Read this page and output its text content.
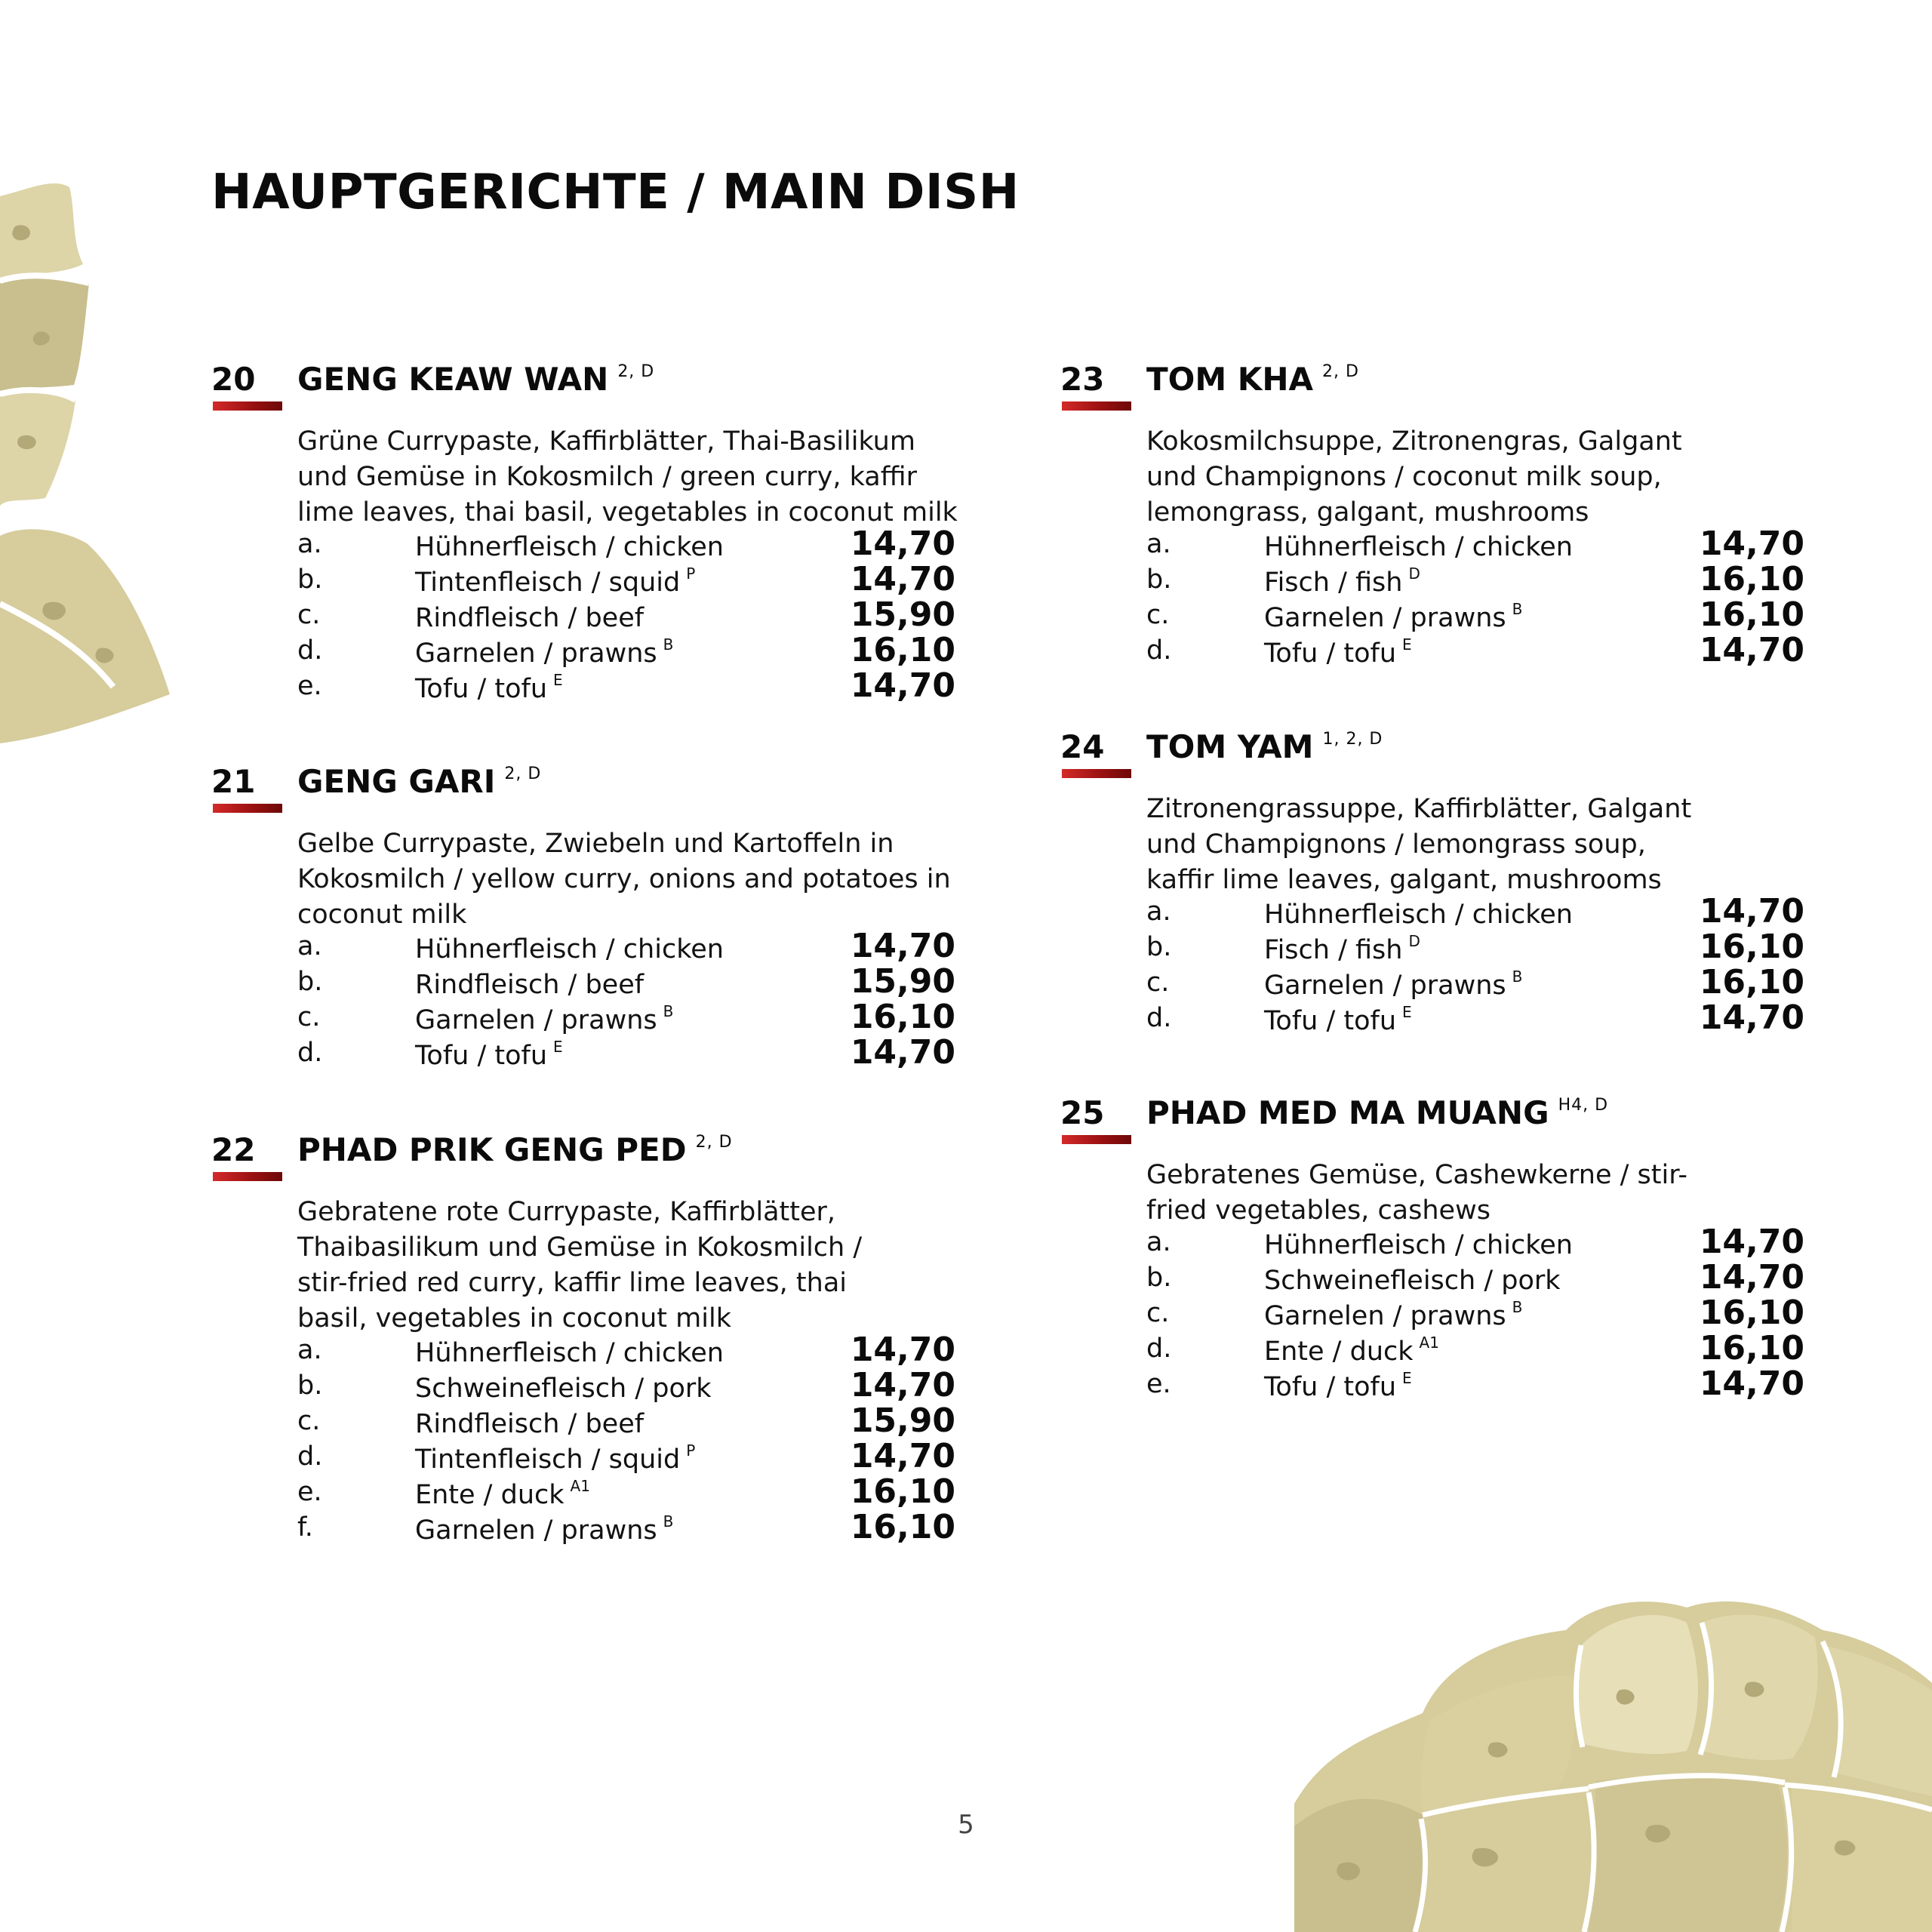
HAUPTGERICHTE / MAIN DISH
20 GENG KEAW WAN $^{2, D}$
Grüne Currypaste, Kaffirblätter, Thai-Basilikum
und Gemüse in Kokosmilch / green curry, kaffir
lime leaves, thai basil, vegetables in coconut milk
a.	Hühnerfleisch / chicken	14,70
b.	Tintenfleisch / squid $^P$	14,70
c.	Rindfleisch / beef	15,90
d.	Garnelen / prawns $^B$	16,10
e.	Tofu / tofu $^E$	14,70
21 GENG GARI $^{2, D}$
Gelbe Currypaste, Zwiebeln und Kartoffeln in
Kokosmilch / yellow curry, onions and potatoes in
coconut milk
a.	Hühnerfleisch / chicken	14,70
b.	Rindfleisch / beef	15,90
c.	Garnelen / prawns $^B$	16,10
d.	Tofu / tofu $^E$	14,70
22 PHAD PRIK GENG PED $^{2, D}$
Gebratene rote Currypaste, Kaffirblätter,
Thaibasilikum und Gemüse in Kokosmilch /
stir-fried red curry, kaffir lime leaves, thai
basil, vegetables in coconut milk
a.	Hühnerfleisch / chicken	14,70
b.	Schweinefleisch / pork	14,70
c.	Rindfleisch / beef	15,90
d.	Tintenfleisch / squid $^P$	14,70
e.	Ente / duck $^{A1}$	16,10
f.	Garnelen / prawns $^B$	16,10
23 TOM KHA $^{2, D}$
Kokosmilchsuppe, Zitronengras, Galgant
und Champignons / coconut milk soup,
lemongrass, galgant, mushrooms
a.	Hühnerfleisch / chicken	14,70
b.	Fisch / fish $^D$	16,10
c.	Garnelen / prawns $^B$	16,10
d.	Tofu / tofu $^E$	14,70
24 TOM YAM $^{1, 2, D}$
Zitronengrassuppe, Kaffirblätter, Galgant
und Champignons / lemongrass soup,
kaffir lime leaves, galgant, mushrooms
a.	Hühnerfleisch / chicken	14,70
b.	Fisch / fish $^D$	16,10
c.	Garnelen / prawns $^B$	16,10
d.	Tofu / tofu $^E$	14,70
25 PHAD MED MA MUANG $^{H4, D}$
Gebratenes Gemüse, Cashewkerne / stir-
fried vegetables, cashews
a.	Hühnerfleisch / chicken	14,70
b.	Schweinefleisch / pork	14,70
c.	Garnelen / prawns $^B$	16,10
d.	Ente / duck $^{A1}$	16,10
e.	Tofu / tofu $^E$	14,70
5
